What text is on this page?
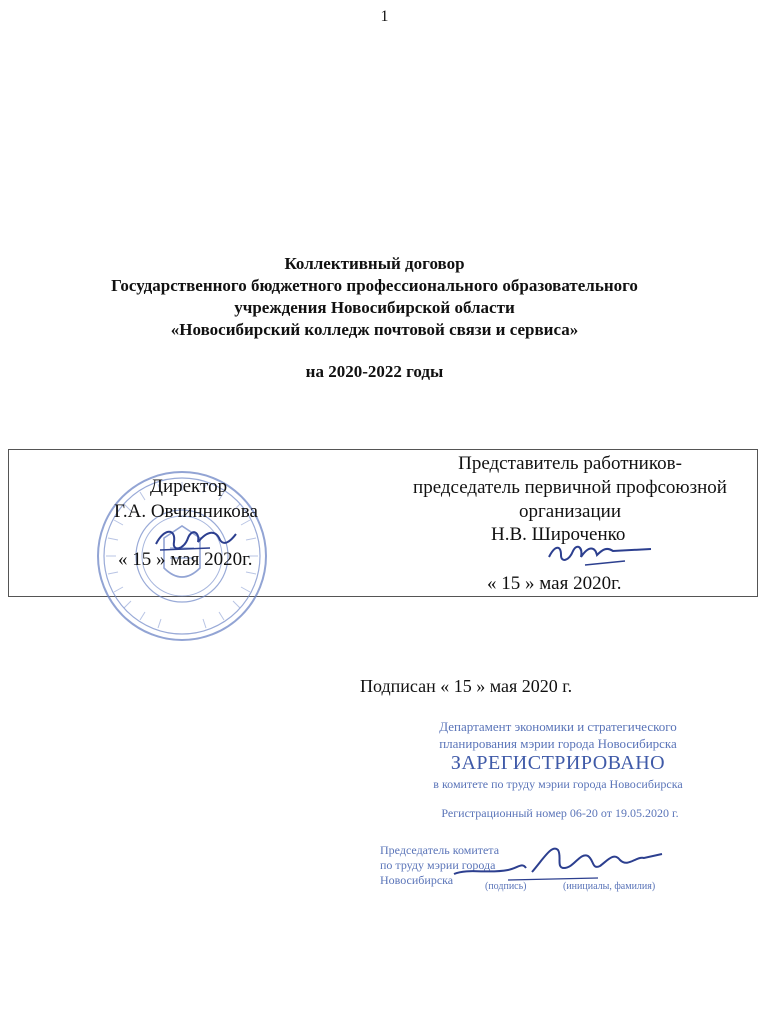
1
Коллективный договор
Государственного бюджетного профессионального образовательного
учреждения Новосибирской области
«Новосибирский колледж почтовой связи и сервиса»
на 2020-2022 годы
Директор
Г.А. Овчинникова
« 15 » мая 2020г.
Представитель работников-
председатель первичной профсоюзной
организации
Н.В. Широченко
« 15 » мая 2020г.
Подписан « 15 » мая 2020 г.
Департамент экономики и стратегического
планирования мэрии города Новосибирска
ЗАРЕГИСТРИРОВАНО
в комитете по труду мэрии города Новосибирска
Регистрационный номер 06-20 от 19.05.2020 г.
Председатель комитета
по труду мэрии города
Новосибирска	(подпись)	(инициалы, фамилия)
